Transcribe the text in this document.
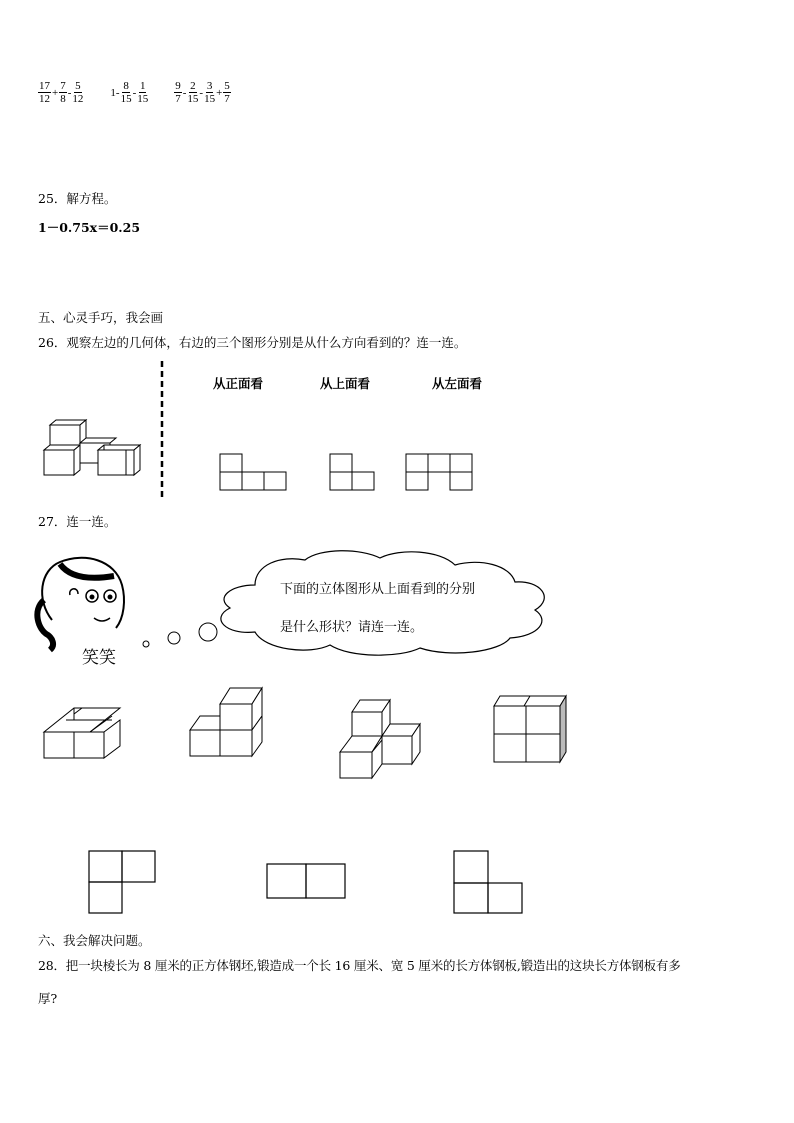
$\frac{17}{12} + \frac{7}{8} - \frac{5}{12} 1- \frac{8}{15} - \frac{1}{15}$
$\frac{9}{7} - \frac{2}{15} - \frac{3}{15} + \frac{5}{7}$
25．解方程。
1－0.75x＝0.25
五、心灵手巧，我会画
26．观察左边的几何体，右边的三个图形分别是从什么方向看到的？连一连。
从正面看	从上面看	从左面看
27．连一连。
笑笑
下面的立体图形从上面看到的分别
是什么形状？请连一连。
六、我会解决问题。
28．把一块棱长为 8 厘米的正方体钢坯,锻造成一个长 16 厘米、宽 5 厘米的长方体钢板,锻造出的这块长方体钢板有多
厚?
